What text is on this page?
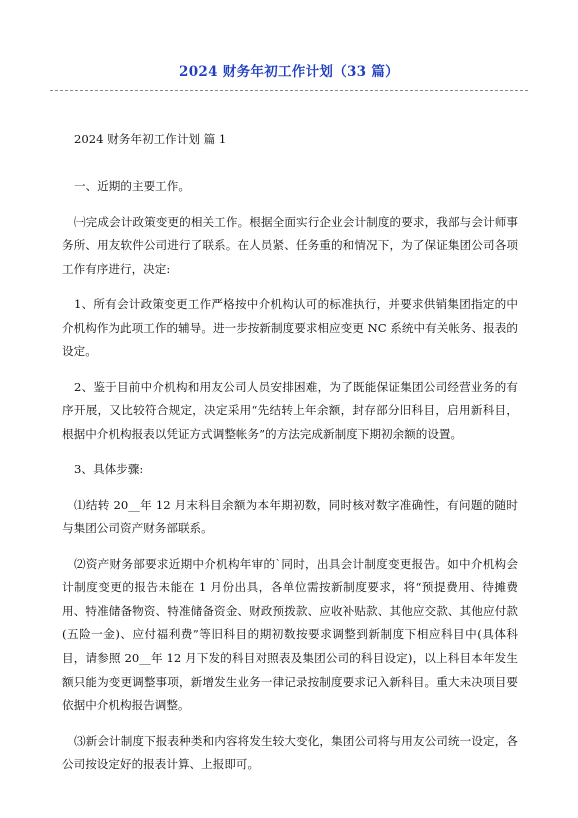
2024 财务年初工作计划（33 篇）

2024 财务年初工作计划 篇 1

一、近期的主要工作。

㈠完成会计政策变更的相关工作。根据全面实行企业会计制度的要求，我部与会计师事务所、用友软件公司进行了联系。在人员紧、任务重的和情况下，为了保证集团公司各项工作有序进行，决定:

1、所有会计政策变更工作严格按中介机构认可的标准执行，并要求供销集团指定的中介机构作为此项工作的辅导。进一步按新制度要求相应变更 NC 系统中有关帐务、报表的设定。

2、鉴于目前中介机构和用友公司人员安排困难，为了既能保证集团公司经营业务的有序开展，又比较符合规定，决定采用“先结转上年余额，封存部分旧科目，启用新科目，根据中介机构报表以凭证方式调整帐务”的方法完成新制度下期初余额的设置。

3、具体步骤:

⑴结转 20__年 12 月末科目余额为本年期初数，同时核对数字准确性，有问题的随时与集团公司资产财务部联系。

⑵资产财务部要求近期中介机构年审的`同时，出具会计制度变更报告。如中介机构会计制度变更的报告未能在 1 月份出具，各单位需按新制度要求，将“预提费用、待摊费用、特准储备物资、特准储备资金、财政预拨款、应收补贴款、其他应交款、其他应付款(五险一金)、应付福利费”等旧科目的期初数按要求调整到新制度下相应科目中(具体科目，请参照 20__年 12 月下发的科目对照表及集团公司的科目设定)，以上科目本年发生额只能为变更调整事项，新增发生业务一律记录按制度要求记入新科目。重大未决项目要依据中介机构报告调整。

⑶新会计制度下报表种类和内容将发生较大变化，集团公司将与用友公司统一设定，各公司按设定好的报表计算、上报即可。
